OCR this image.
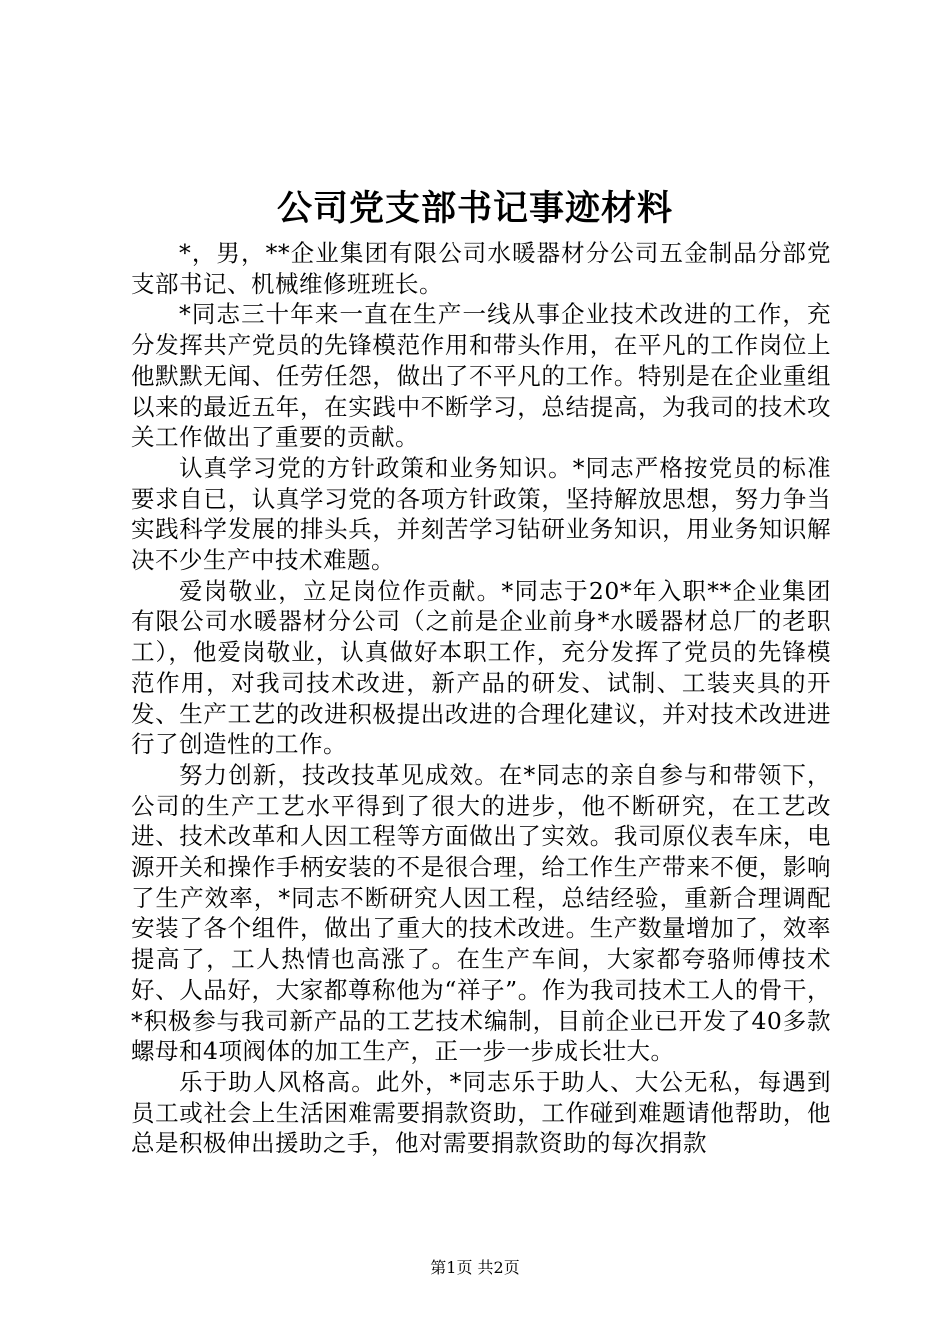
公司党支部书记事迹材料

*，男，**企业集团有限公司水暖器材分公司五金制品分部党支部书记、机械维修班班长。

*同志三十年来一直在生产一线从事企业技术改进的工作，充分发挥共产党员的先锋模范作用和带头作用，在平凡的工作岗位上他默默无闻、任劳任怨，做出了不平凡的工作。特别是在企业重组以来的最近五年，在实践中不断学习，总结提高，为我司的技术攻关工作做出了重要的贡献。

认真学习党的方针政策和业务知识。*同志严格按党员的标准要求自已，认真学习党的各项方针政策，坚持解放思想，努力争当实践科学发展的排头兵，并刻苦学习钻研业务知识，用业务知识解决不少生产中技术难题。

爱岗敬业，立足岗位作贡献。*同志于20*年入职**企业集团有限公司水暖器材分公司（之前是企业前身*水暖器材总厂的老职工），他爱岗敬业，认真做好本职工作，充分发挥了党员的先锋模范作用，对我司技术改进，新产品的研发、试制、工装夹具的开发、生产工艺的改进积极提出改进的合理化建议，并对技术改进进行了创造性的工作。

努力创新，技改技革见成效。在*同志的亲自参与和带领下，公司的生产工艺水平得到了很大的进步，他不断研究，在工艺改进、技术改革和人因工程等方面做出了实效。我司原仪表车床，电源开关和操作手柄安装的不是很合理，给工作生产带来不便，影响了生产效率，*同志不断研究人因工程，总结经验，重新合理调配安装了各个组件，做出了重大的技术改进。生产数量增加了，效率提高了，工人热情也高涨了。在生产车间，大家都夸骆师傅技术好、人品好，大家都尊称他为“祥子”。作为我司技术工人的骨干，*积极参与我司新产品的工艺技术编制，目前企业已开发了40多款螺母和4项阀体的加工生产，正一步一步成长壮大。

乐于助人风格高。此外，*同志乐于助人、大公无私，每遇到员工或社会上生活困难需要捐款资助，工作碰到难题请他帮助，他总是积极伸出援助之手，他对需要捐款资助的每次捐款

第1页 共2页
